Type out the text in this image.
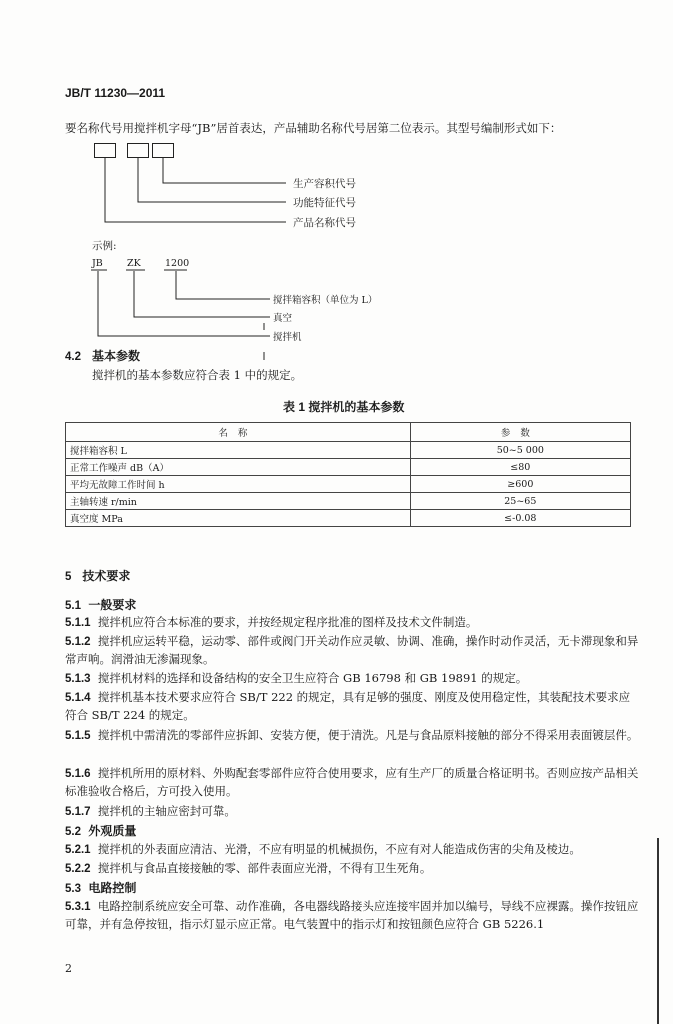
JB/T 11230—2011
要名称代号用搅拌机字母“JB”居首表达，产品辅助名称代号居第二位表示。其型号编制形式如下：
生产容积代号
功能特征代号
产品名称代号
示例:
JB	ZK	1200
搅拌箱容积（单位为 L）
真空
搅拌机
4.2 基本参数
搅拌机的基本参数应符合表 1 中的规定。
表 1 搅拌机的基本参数
名称	参数
搅拌箱容积 L	50~5 000
正常工作噪声 dB（A）	≤80
平均无故障工作时间 h	≥600
主轴转速 r/min	25~65
真空度 MPa	≤-0.08
5 技术要求
5.1 一般要求
5.1.1 搅拌机应符合本标准的要求，并按经规定程序批准的图样及技术文件制造。
5.1.2 搅拌机应运转平稳，运动零、部件或阀门开关动作应灵敏、协调、准确，操作时动作灵活，无卡滞现象和异常声响。润滑油无渗漏现象。
5.1.3 搅拌机材料的选择和设备结构的安全卫生应符合 GB 16798 和 GB 19891 的规定。
5.1.4 搅拌机基本技术要求应符合 SB/T 222 的规定，具有足够的强度、刚度及使用稳定性，其装配技术要求应符合 SB/T 224 的规定。
5.1.5 搅拌机中需清洗的零部件应拆卸、安装方便，便于清洗。凡是与食品原料接触的部分不得采用表面镀层件。
5.1.6 搅拌机所用的原材料、外购配套零部件应符合使用要求，应有生产厂的质量合格证明书。否则应按产品相关标准验收合格后，方可投入使用。
5.1.7 搅拌机的主轴应密封可靠。
5.2 外观质量
5.2.1 搅拌机的外表面应清洁、光滑，不应有明显的机械损伤，不应有对人能造成伤害的尖角及棱边。
5.2.2 搅拌机与食品直接接触的零、部件表面应光滑，不得有卫生死角。
5.3 电路控制
5.3.1 电路控制系统应安全可靠、动作准确，各电器线路接头应连接牢固并加以编号，导线不应裸露。操作按钮应可靠，并有急停按钮，指示灯显示应正常。电气装置中的指示灯和按钮颜色应符合 GB 5226.1
2
